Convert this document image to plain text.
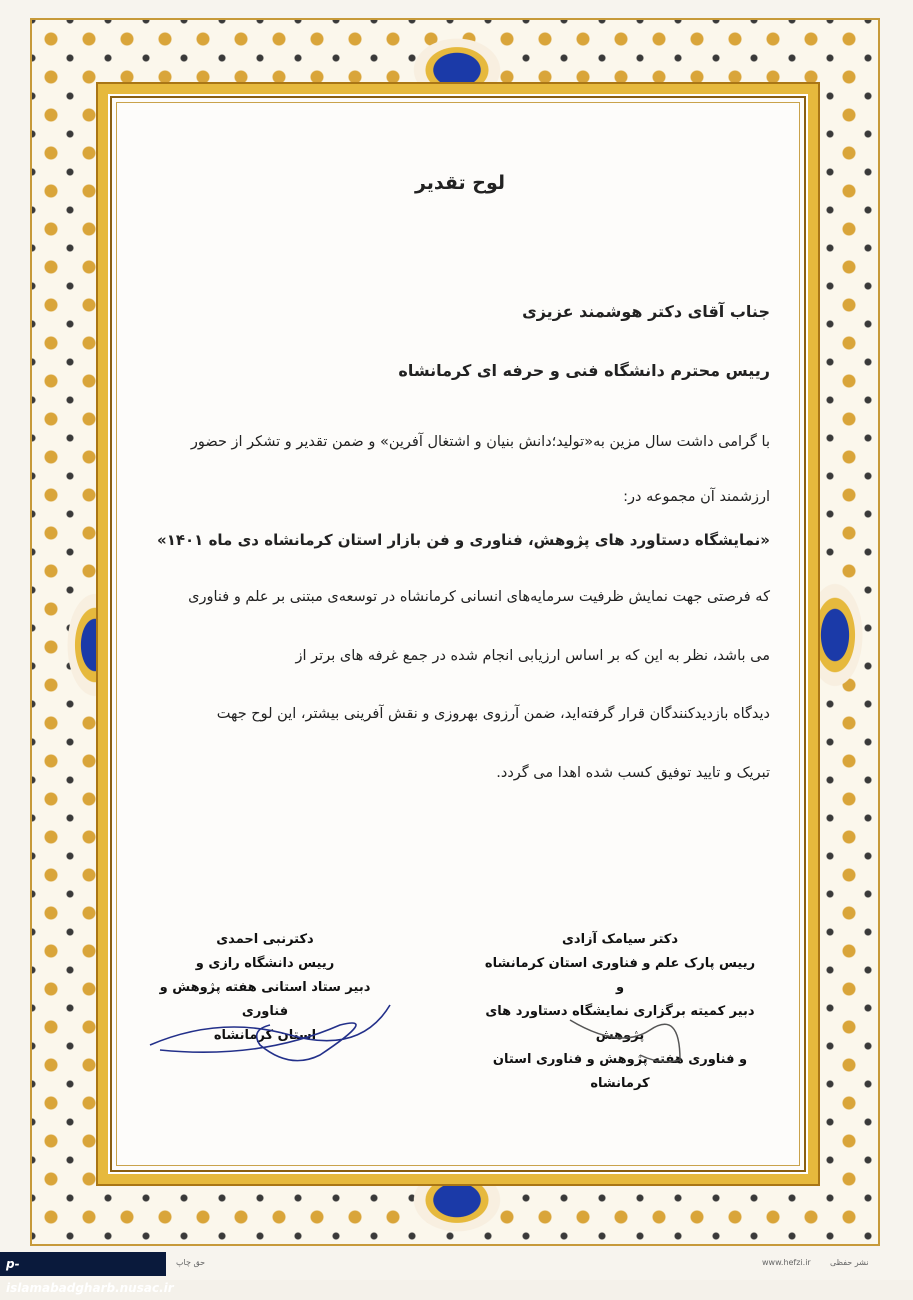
لوح تقدیر
جناب آقای دکتر هوشمند عزیزی
رییس محترم دانشگاه فنی و حرفه ای کرمانشاه

با گرامی داشت سال مزین به«تولید؛دانش بنیان و اشتغال آفرین» و ضمن تقدیر و تشکر از حضور

ارزشمند آن مجموعه در:

«نمایشگاه دستاورد های پژوهش، فناوری و فن بازار استان کرمانشاه دی ماه ۱۴۰۱»

که فرصتی جهت نمایش ظرفیت سرمایه‌های انسانی کرمانشاه در توسعه‌ی مبتنی بر علم و فناوری

می باشد، نظر به این که بر اساس ارزیابی انجام شده در جمع غرفه های برتر از

دیدگاه بازدیدکنندگان قرار گرفته‌اید، ضمن آرزوی بهروزی و نقش آفرینی بیشتر، این لوح جهت

تبریک و تایید توفیق کسب شده اهدا می گردد.

دکتر سیامک آزادی
رییس پارک علم و فناوری استان کرمانشاه و
دبیر کمیته برگزاری نمایشگاه دستاورد های پژوهش
و فناوری هفته پژوهش و فناوری استان کرمانشاه
دکترنبی احمدی
رییس دانشگاه رازی و
دبیر ستاد استانی هفته پژوهش و فناوری
استان کرمانشاه
p-islamabadgharb.nusac.ir
حق چاپ	www.hefzi.ir نشر حفظی
